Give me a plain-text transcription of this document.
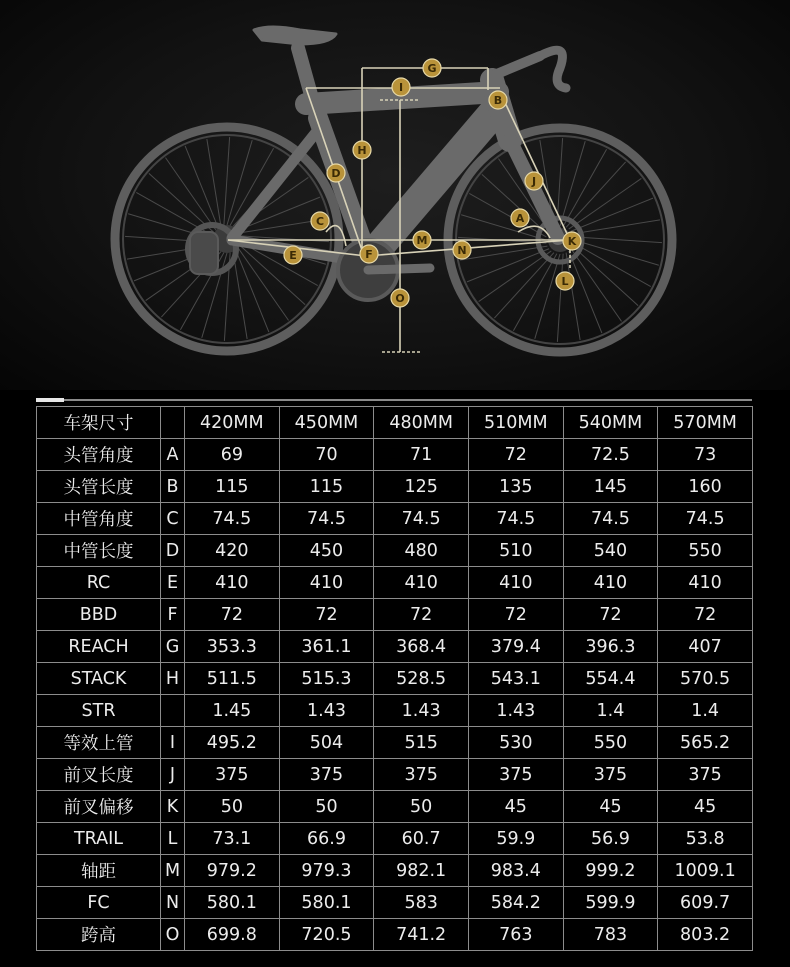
A
B
C
D
E	F
G
H
I
J
K
L
M
N
O
车架尺寸		420MM	450MM	480MM	510MM	540MM	570MM
头管角度	A	69	70	71	72	72.5	73
头管长度	B	115	115	125	135	145	160
中管角度	C	74.5	74.5	74.5	74.5	74.5	74.5
中管长度	D	420	450	480	510	540	550
RC	E	410	410	410	410	410	410
BBD	F	72	72	72	72	72	72
REACH	G	353.3	361.1	368.4	379.4	396.3	407
STACK	H	511.5	515.3	528.5	543.1	554.4	570.5
STR		1.45	1.43	1.43	1.43	1.4	1.4
等效上管	I	495.2	504	515	530	550	565.2
前叉长度	J	375	375	375	375	375	375
前叉偏移	K	50	50	50	45	45	45
TRAIL	L	73.1	66.9	60.7	59.9	56.9	53.8
轴距	M	979.2	979.3	982.1	983.4	999.2	1009.1
FC	N	580.1	580.1	583	584.2	599.9	609.7
跨高	O	699.8	720.5	741.2	763	783	803.2
